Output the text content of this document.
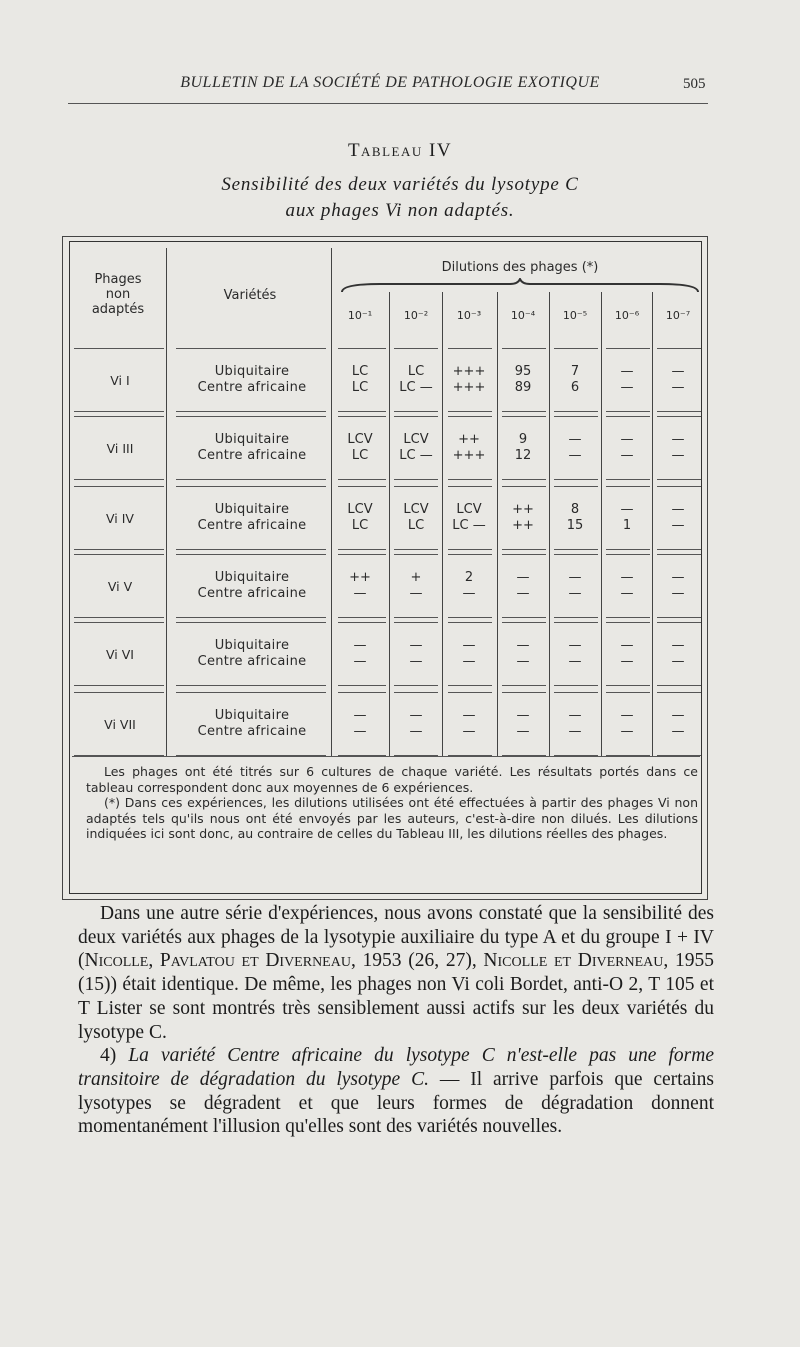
BULLETIN DE LA SOCIÉTÉ DE PATHOLOGIE EXOTIQUE	505
Tableau IV
Sensibilité des deux variétés du lysotype C
aux phages Vi non adaptés.
Phages
non
adaptés
Variétés
Dilutions des phages (*)
10⁻¹	10⁻²	10⁻³	10⁻⁴	10⁻⁵	10⁻⁶	10⁻⁷
Vi I
Ubiquitaire
Centre africaine
LC	LC	+++	95	7	—	—
LC	LC —	+++	89	6	—	—
Vi III
Ubiquitaire
Centre africaine
LCV	LCV	++	9	—	—	—
LC	LC —	+++	12	—	—	—
Vi IV
Ubiquitaire
Centre africaine
LCV	LCV	LCV	++	8	—	—
LC	LC	LC —	++	15	1	—
Vi V
Ubiquitaire
Centre africaine
++	+	2	—	—	—	—
—	—	—	—	—	—	—
Vi VI
Ubiquitaire
Centre africaine
—	—	—	—	—	—	—
—	—	—	—	—	—	—
Vi VII
Ubiquitaire
Centre africaine
—	—	—	—	—	—	—
—	—	—	—	—	—	—

Les phages ont été titrés sur 6 cultures de chaque variété. Les résultats portés dans ce tableau correspondent donc aux moyennes de 6 expériences.

(*) Dans ces expériences, les dilutions utilisées ont été effectuées à partir des phages Vi non adaptés tels qu'ils nous ont été envoyés par les auteurs, c'est-à-dire non dilués. Les dilutions indiquées ici sont donc, au contraire de celles du Tableau III, les dilutions réelles des phages.

Dans une autre série d'expériences, nous avons constaté que la sensibilité des deux variétés aux phages de la lysotypie auxiliaire du type A et du groupe I + IV (Nicolle, Pavlatou et Diverneau, 1953 (26, 27), Nicolle et Diverneau, 1955 (15)) était identique. De même, les phages non Vi coli Bordet, anti-O 2, T 105 et T Lister se sont montrés très sensiblement aussi actifs sur les deux variétés du lysotype C.

4) La variété Centre africaine du lysotype C n'est-elle pas une forme transitoire de dégradation du lysotype C. — Il arrive parfois que certains lysotypes se dégradent et que leurs formes de dégradation donnent momentanément l'illusion qu'elles sont des variétés nouvelles.
